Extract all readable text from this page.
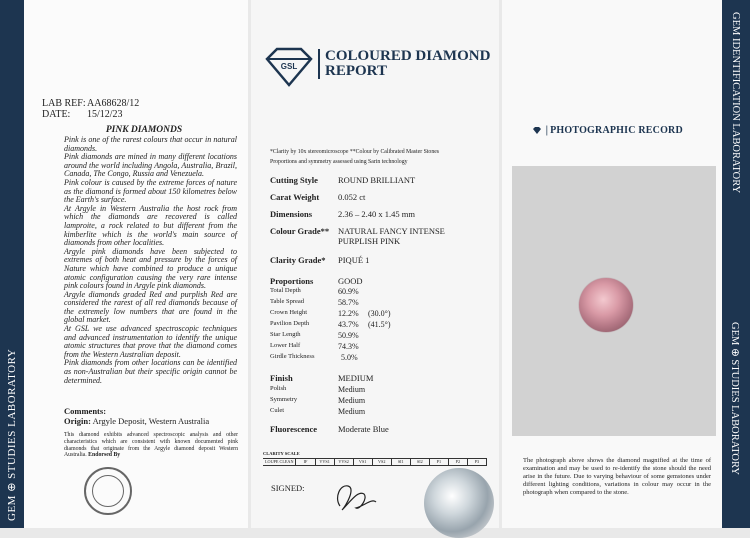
GEM ⊕ STUDIES LABORATORY
LAB REF:AA68628/12
DATE: 15/12/23
PINK DIAMONDS

Pink is one of the rarest colours that occur in natural diamonds.

Pink diamonds are mined in many different locations around the world including Angola, Australia, Brazil, Canada, The Congo, Russia and Venezuela.

Pink colour is caused by the extreme forces of nature as the diamond is formed about 150 kilometres below the Earth's surface.

At Argyle in Western Australia the host rock from which the diamonds are recovered is called lamproite, a rock related to but different from the kimberlite which is the world's main source of diamonds from other localities.

Argyle pink diamonds have been subjected to extremes of both heat and pressure by the forces of Nature which have combined to produce a unique atomic configuration causing the very rare intense pink colours found in Argyle pink diamonds.

Argyle diamonds graded Red and purplish Red are considered the rarest of all red diamonds because of the extremely low numbers that are found in the global market.

At GSL we use advanced spectroscopic techniques and advanced instrumentation to identify the unique atomic structures that prove that the diamond comes from the Western Australian deposit.

Pink diamonds from other locations can be identified as non-Australian but their specific origin cannot be determined.

Comments:
Origin: Argyle Deposit, Western Australia
This diamond exhibits advanced spectroscopic analysis and other characteristics which are consistent with known documented pink diamonds that originate from the Argyle diamond deposit Western Australia. Endorsed By
GSL
COLOURED DIAMOND
REPORT
*Clarity by 10x stereomicroscope **Colour by Calibrated Master Stones
Proportions and symmetry assessed using Sarin technology
Cutting Style ROUND BRILLIANT
Carat Weight 0.052 ct
Dimensions	2.36 – 2.40 x 1.45 mm
Colour Grade** NATURAL FANCY INTENSE
PURPLISH PINK
Clarity Grade* PIQUÉ 1
Proportions	GOOD
Total Depth	60.9%
Table Spread	58.7%
Crown Height	12.2% (30.0°)
Pavilion Depth	43.7% (41.5°)
Star Length	50.9%
Lower Half	74.3%
Girdle Thickness	5.0%
Finish	MEDIUM
Polish	Medium
Symmetry	Medium
Culet	Medium
Fluorescence Moderate Blue
CLARITY SCALE
LOUPE CLEAN	IF	VVS1	VVS2	VS1	VS2	SI1	SI2	P1	P2	P3
SIGNED:
| PHOTOGRAPHIC RECORD
The photograph above shows the diamond magnified at the time of examination and may be used to re-identify the stone should the need arise in the future. Due to varying behaviour of some gemstones under different lighting conditions, variations in colour may occur in the photograph when compared to the stone.
GEM IDENTIFICATION LABORATORY
GEM ⊕ STUDIES LABORATORY
